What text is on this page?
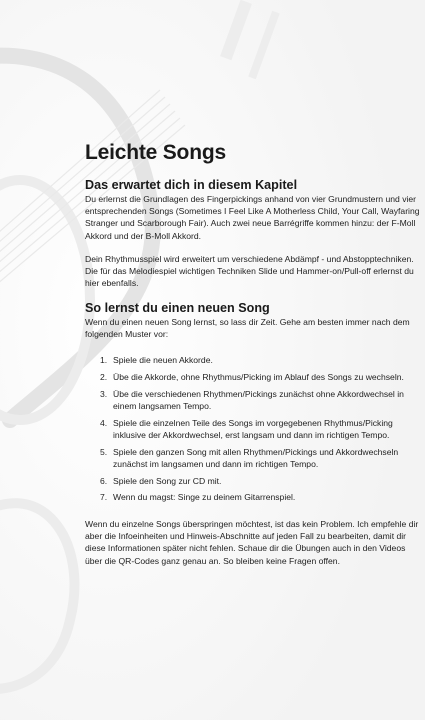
Leichte Songs
Das erwartet dich in diesem Kapitel

Du erlernst die Grundlagen des Fingerpickings anhand von vier Grundmustern und vier
entsprechenden Songs (Sometimes I Feel Like A Motherless Child, Your Call, Wayfaring
Stranger und Scarborough Fair). Auch zwei neue Barrégriffe kommen hinzu: der F-Moll
Akkord und der B-Moll Akkord.

Dein Rhythmusspiel wird erweitert um verschiedene Abdämpf - und Abstopptechniken.
Die für das Melodiespiel wichtigen Techniken Slide und Hammer-on/Pull-off erlernst du
hier ebenfalls.

So lernst du einen neuen Song

Wenn du einen neuen Song lernst, so lass dir Zeit. Gehe am besten immer nach dem
folgenden Muster vor:

1. Spiele die neuen Akkorde.
2. Übe die Akkorde, ohne Rhythmus/Picking im Ablauf des Songs zu wechseln.
3. Übe die verschiedenen Rhythmen/Pickings zunächst ohne Akkordwechsel in
einem langsamen Tempo.
4. Spiele die einzelnen Teile des Songs im vorgegebenen Rhythmus/Picking
inklusive der Akkordwechsel, erst langsam und dann im richtigen Tempo.
5. Spiele den ganzen Song mit allen Rhythmen/Pickings und Akkordwechseln
zunächst im langsamen und dann im richtigen Tempo.
6. Spiele den Song zur CD mit.
7. Wenn du magst: Singe zu deinem Gitarrenspiel.

Wenn du einzelne Songs überspringen möchtest, ist das kein Problem. Ich empfehle dir
aber die Infoeinheiten und Hinweis-Abschnitte auf jeden Fall zu bearbeiten, damit dir
diese Informationen später nicht fehlen. Schaue dir die Übungen auch in den Videos
über die QR-Codes ganz genau an. So bleiben keine Fragen offen.
